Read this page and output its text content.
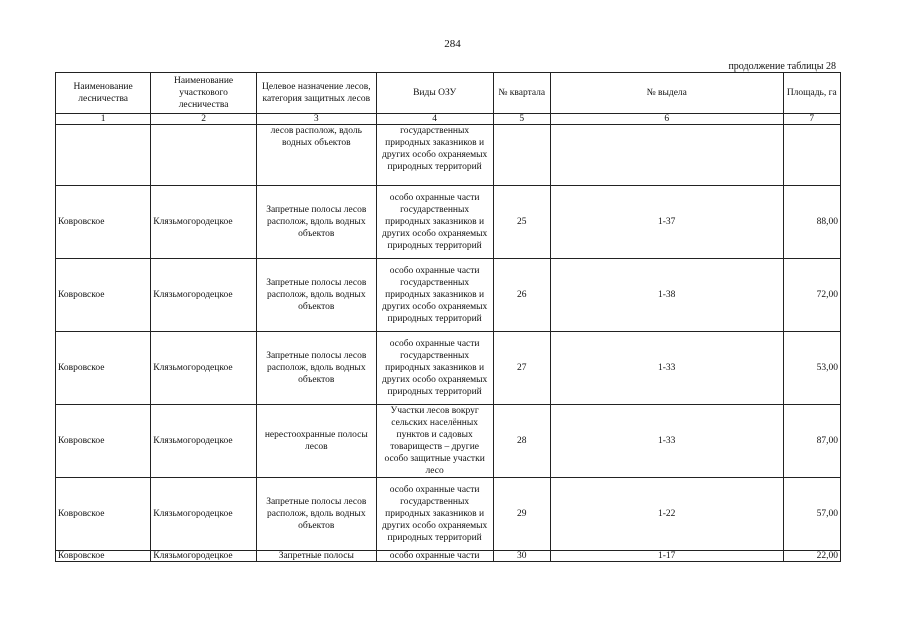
284
продолжение таблицы 28
Наименование лесничества	Наименование участкового лесничества	Целевое назначение лесов, категория защитных лесов	Виды ОЗУ	№ квартала	№ выдела	Площадь, га
1	2	3	4	5	6	7
		лесов располож, вдоль водных объектов	государственных природных заказников и других особо охраняемых природных территорий			
Ковровское	Клязьмогородецкое	Запретные полосы лесов располож, вдоль водных объектов	особо охранные части государственных природных заказников и других особо охраняемых природных территорий	25	1-37	88,00
Ковровское	Клязьмогородецкое	Запретные полосы лесов располож, вдоль водных объектов	особо охранные части государственных природных заказников и других особо охраняемых природных территорий	26	1-38	72,00
Ковровское	Клязьмогородецкое	Запретные полосы лесов располож, вдоль водных объектов	особо охранные части государственных природных заказников и других особо охраняемых природных территорий	27	1-33	53,00
Ковровское	Клязьмогородецкое	нерестоохранные полосы лесов	Участки лесов вокруг сельских населённых пунктов и садовых товариществ – другие особо защитные участки лесо	28	1-33	87,00
Ковровское	Клязьмогородецкое	Запретные полосы лесов располож, вдоль водных объектов	особо охранные части государственных природных заказников и других особо охраняемых природных территорий	29	1-22	57,00
Ковровское	Клязьмогородецкое	Запретные полосы	особо охранные части	30	1-17	22,00
